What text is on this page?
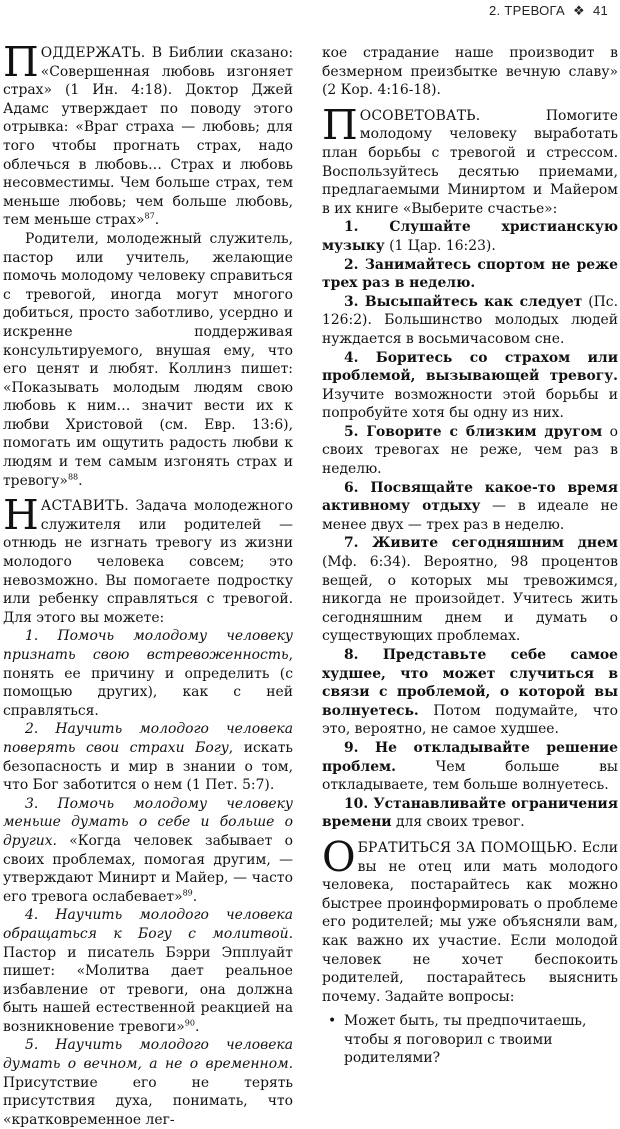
2. ТРЕВОГА ❖ 41

ПОДДЕРЖАТЬ. В Библии сказано: «Совершенная любовь изгоняет страх» (1 Ин. 4:18). Доктор Джей Адамс утверждает по поводу этого отрывка: «Враг страха — любовь; для того чтобы прогнать страх, надо облечься в любовь… Страх и любовь несовместимы. Чем больше страх, тем меньше любовь; чем больше любовь, тем меньше страх»$^{87}$.

Родители, молодежный служитель, пастор или учитель, желающие помочь молодому человеку справиться с тревогой, иногда могут многого добиться, просто заботливо, усердно и искренне поддерживая консультируемого, внушая ему, что его ценят и любят. Коллинз пишет: «Показывать молодым людям свою любовь к ним… значит вести их к любви Христовой (см. Евр. 13:6), помогать им ощутить радость любви к людям и тем самым изгонять страх и тревогу»$^{88}$.

НАСТАВИТЬ. Задача молодежного служителя или родителей — отнюдь не изгнать тревогу из жизни молодого человека совсем; это невозможно. Вы помогаете подростку или ребенку справляться с тревогой. Для этого вы можете:

1. Помочь молодому человеку признать свою встревоженность, понять ее причину и определить (с помощью других), как с ней справляться.

2. Научить молодого человека поверять свои страхи Богу, искать безопасность и мир в знании о том, что Бог заботится о нем (1 Пет. 5:7).

3. Помочь молодому человеку меньше думать о себе и больше о других. «Когда человек забывает о своих проблемах, помогая другим, — утверждают Минирт и Майер, — часто его тревога ослабевает»$^{89}$.

4. Научить молодого человека обращаться к Богу с молитвой. Пастор и писатель Бэрри Эпплуайт пишет: «Молитва дает реальное избавление от тревоги, она должна быть нашей естественной реакцией на возникновение тревоги»$^{90}$.

5. Научить молодого человека думать о вечном, а не о временном. Присутствие его не терять присутствия духа, понимать, что «кратковременное лег-

кое страдание наше производит в безмерном преизбытке вечную славу» (2 Кор. 4:16-18).

ПОСОВЕТОВАТЬ. Помогите молодому человеку выработать план борьбы с тревогой и стрессом. Воспользуйтесь десятью приемами, предлагаемыми Миниртом и Майером в их книге «Выберите счастье»:

1. Слушайте христианскую музыку (1 Цар. 16:23).

2. Занимайтесь спортом не реже трех раз в неделю.

3. Высыпайтесь как следует (Пс. 126:2). Большинство молодых людей нуждается в восьмичасовом сне.

4. Боритесь со страхом или проблемой, вызывающей тревогу. Изучите возможности этой борьбы и попробуйте хотя бы одну из них.

5. Говорите с близким другом о своих тревогах не реже, чем раз в неделю.

6. Посвящайте какое-то время активному отдыху — в идеале не менее двух — трех раз в неделю.

7. Живите сегодняшним днем (Мф. 6:34). Вероятно, 98 процентов вещей, о которых мы тревожимся, никогда не произойдет. Учитесь жить сегодняшним днем и думать о существующих проблемах.

8. Представьте себе самое худшее, что может случиться в связи с проблемой, о которой вы волнуетесь. Потом подумайте, что это, вероятно, не самое худшее.

9. Не откладывайте решение проблем. Чем больше вы откладываете, тем больше волнуетесь.

10. Устанавливайте ограничения времени для своих тревог.

ОБРАТИТЬСЯ ЗА ПОМОЩЬЮ. Если вы не отец или мать молодого человека, постарайтесь как можно быстрее проинформировать о проблеме его родителей; мы уже объясняли вам, как важно их участие. Если молодой человек не хочет беспокоить родителей, постарайтесь выяснить почему. Задайте вопросы:

• Может быть, ты предпочитаешь, чтобы я поговорил с твоими родителями?
